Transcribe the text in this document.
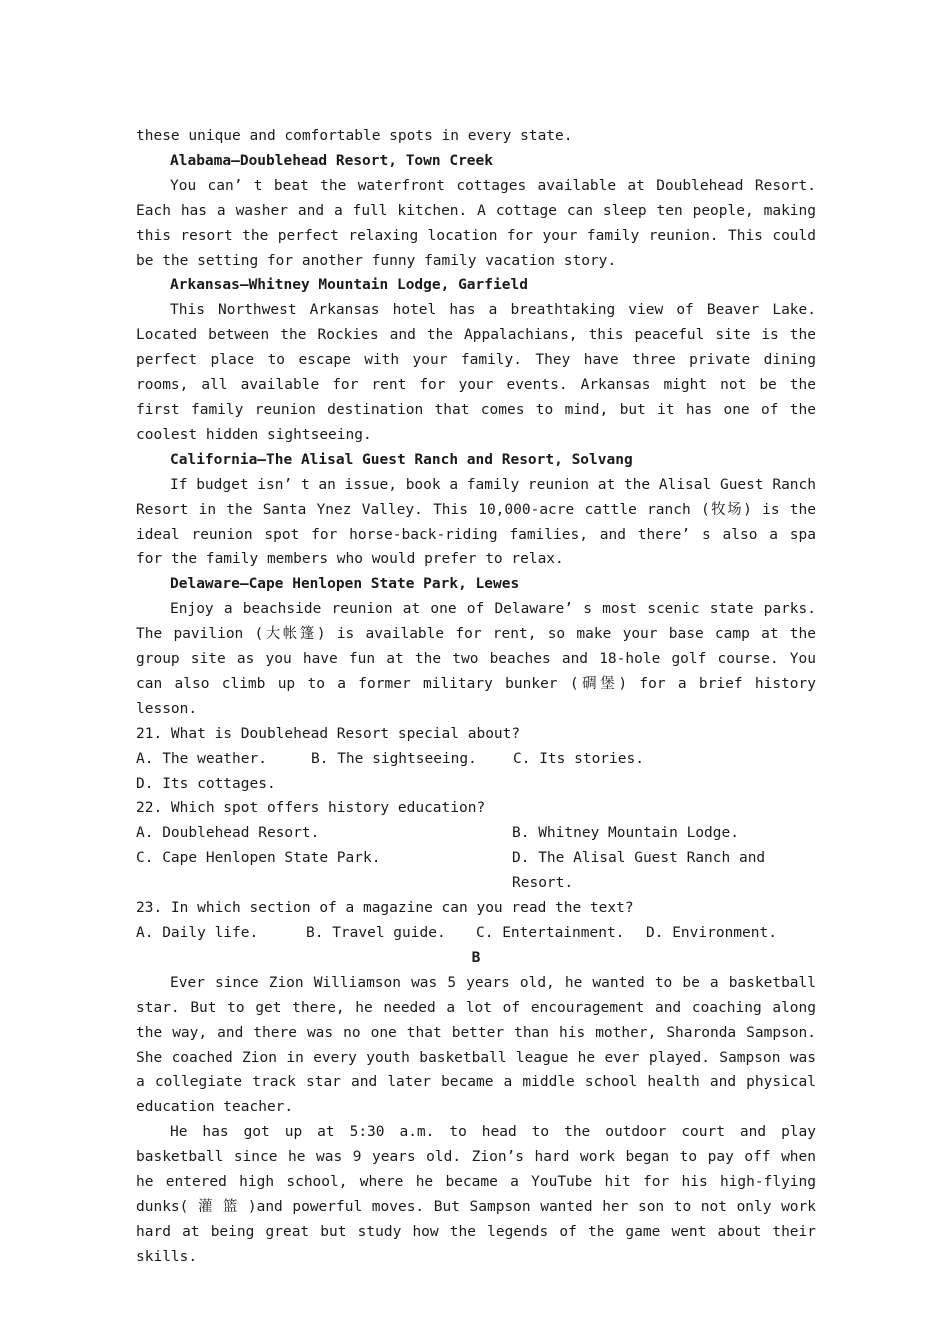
these unique and comfortable spots in every state.

Alabama—Doublehead Resort, Town Creek

You can’ t beat the waterfront cottages available at Doublehead Resort. Each has a washer and a full kitchen. A cottage can sleep ten people, making this resort the perfect relaxing location for your family reunion. This could be the setting for another funny family vacation story.

Arkansas—Whitney Mountain Lodge, Garfield

This Northwest Arkansas hotel has a breathtaking view of Beaver Lake. Located between the Rockies and the Appalachians, this peaceful site is the perfect place to escape with your family. They have three private dining rooms, all available for rent for your events. Arkansas might not be the first family reunion destination that comes to mind, but it has one of the coolest hidden sightseeing.

California—The Alisal Guest Ranch and Resort, Solvang

If budget isn’ t an issue, book a family reunion at the Alisal Guest Ranch Resort in the Santa Ynez Valley. This 10,000-acre cattle ranch (牧场) is the ideal reunion spot for horse-back-riding families, and there’ s also a spa for the family members who would prefer to relax.

Delaware—Cape Henlopen State Park, Lewes

Enjoy a beachside reunion at one of Delaware’ s most scenic state parks. The pavilion (大帐篷) is available for rent, so make your base camp at the group site as you have fun at the two beaches and 18-hole golf course. You can also climb up to a former military bunker (碉堡) for a brief history lesson.

21. What is Doublehead Resort special about?

A. The weather.	B. The sightseeing.	C. Its stories.
D. Its cottages.

22. Which spot offers history education?

A. Doublehead Resort.	B. Whitney Mountain Lodge.
C. Cape Henlopen State Park.	D. The Alisal Guest Ranch and Resort.

23. In which section of a magazine can you read the text?

A. Daily life.	B. Travel guide.	C. Entertainment.	D. Environment.

B

Ever since Zion Williamson was 5 years old, he wanted to be a basketball star. But to get there, he needed a lot of encouragement and coaching along the way, and there was no one that better than his mother, Sharonda Sampson. She coached Zion in every youth basketball league he ever played. Sampson was a collegiate track star and later became a middle school health and physical education teacher.

He has got up at 5:30 a.m. to head to the outdoor court and play basketball since he was 9 years old. Zion’s hard work began to pay off when he entered high school, where he became a YouTube hit for his high-flying dunks( 灌 篮 )and powerful moves. But Sampson wanted her son to not only work hard at being great but study how the legends of the game went about their skills.
